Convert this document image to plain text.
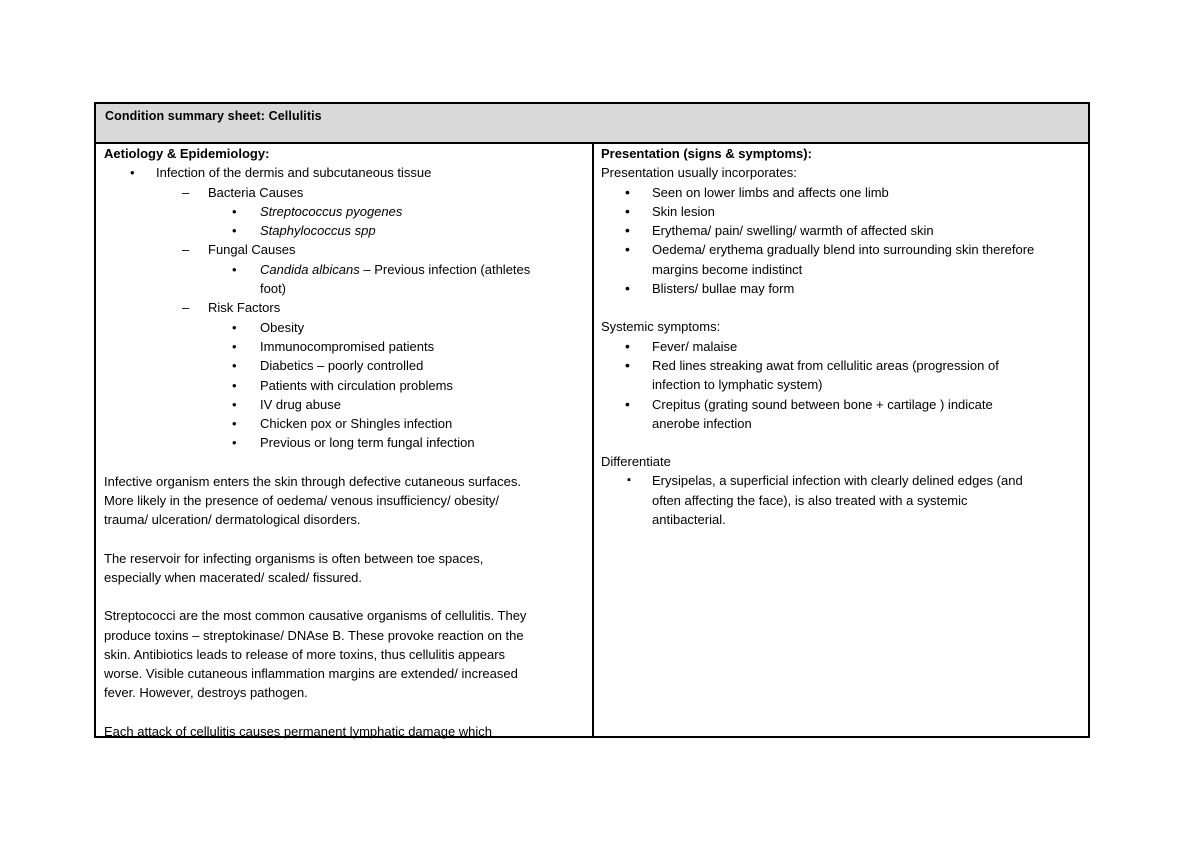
Condition summary sheet: Cellulitis
Aetiology & Epidemiology:
• Infection of the dermis and subcutaneous tissue
– Bacteria Causes
• Streptococcus pyogenes
• Staphylococcus spp
– Fungal Causes
• Candida albicans – Previous infection (athletes
foot)
– Risk Factors
• Obesity
• Immunocompromised patients
• Diabetics – poorly controlled
• Patients with circulation problems
• IV drug abuse
• Chicken pox or Shingles infection
• Previous or long term fungal infection
Infective organism enters the skin through defective cutaneous surfaces.
More likely in the presence of oedema/ venous insufficiency/ obesity/
trauma/ ulceration/ dermatological disorders.
The reservoir for infecting organisms is often between toe spaces,
especially when macerated/ scaled/ fissured.
Streptococci are the most common causative organisms of cellulitis. They
produce toxins – streptokinase/ DNAse B. These provoke reaction on the
skin. Antibiotics leads to release of more toxins, thus cellulitis appears
worse. Visible cutaneous inflammation margins are extended/ increased
fever. However, destroys pathogen.
Each attack of cellulitis causes permanent lymphatic damage which
Presentation (signs & symptoms):
Presentation usually incorporates:
• Seen on lower limbs and affects one limb
• Skin lesion
• Erythema/ pain/ swelling/ warmth of affected skin
• Oedema/ erythema gradually blend into surrounding skin therefore
margins become indistinct
• Blisters/ bullae may form
Systemic symptoms:
• Fever/ malaise
• Red lines streaking awat from cellulitic areas (progression of
infection to lymphatic system)
• Crepitus (grating sound between bone + cartilage ) indicate
anerobe infection
Differentiate
▪ Erysipelas, a superficial infection with clearly delined edges (and
often affecting the face), is also treated with a systemic
antibacterial.
